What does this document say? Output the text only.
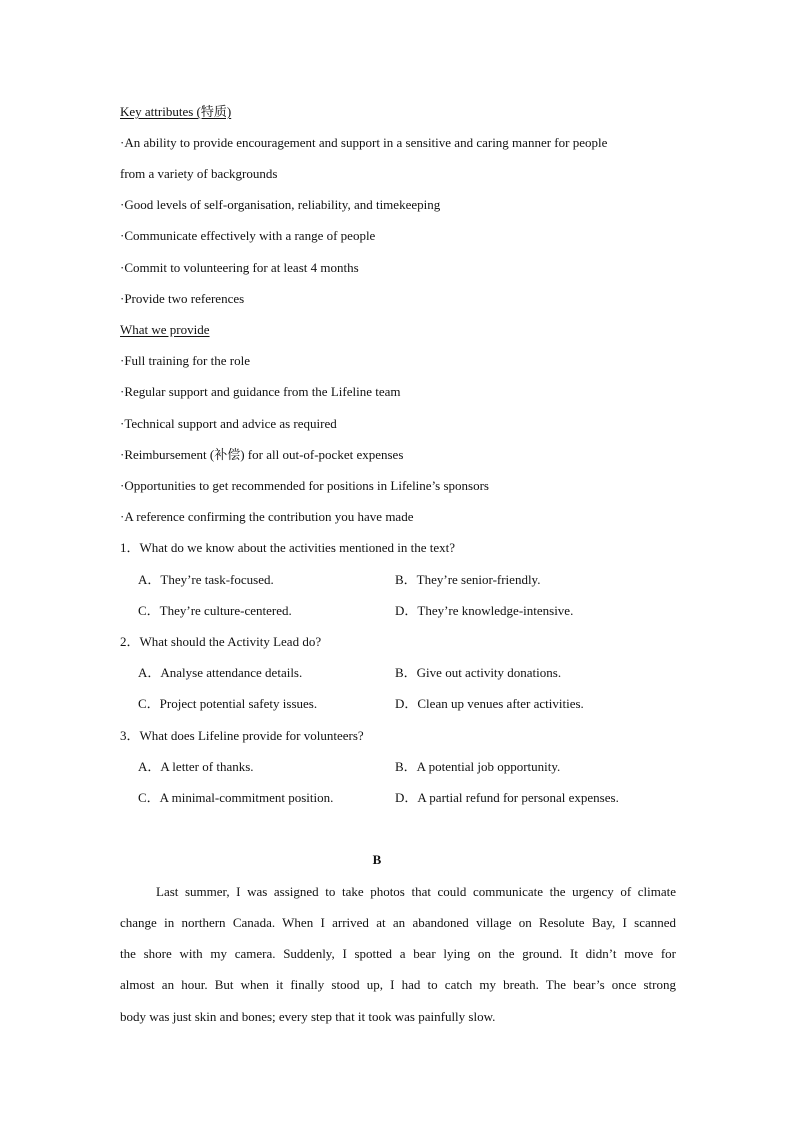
Key attributes (特质)
·An ability to provide encouragement and support in a sensitive and caring manner for people
from a variety of backgrounds
·Good levels of self-organisation, reliability, and timekeeping
·Communicate effectively with a range of people
·Commit to volunteering for at least 4 months
·Provide two references
What we provide
·Full training for the role
·Regular support and guidance from the Lifeline team
·Technical support and advice as required
·Reimbursement (补偿) for all out-of-pocket expenses
·Opportunities to get recommended for positions in Lifeline’s sponsors
·A reference confirming the contribution you have made
1．What do we know about the activities mentioned in the text?
A．They’re task-focused.	B．They’re senior-friendly.
C．They’re culture-centered.	D．They’re knowledge-intensive.
2．What should the Activity Lead do?
A．Analyse attendance details.	B．Give out activity donations.
C．Project potential safety issues.	D．Clean up venues after activities.
3．What does Lifeline provide for volunteers?
A．A letter of thanks.	B．A potential job opportunity.
C．A minimal-commitment position.	D．A partial refund for personal expenses.
B
Last summer, I was assigned to take photos that could communicate the urgency of climate
change in northern Canada. When I arrived at an abandoned village on Resolute Bay, I scanned
the shore with my camera. Suddenly, I spotted a bear lying on the ground. It didn’t move for
almost an hour. But when it finally stood up, I had to catch my breath. The bear’s once strong
body was just skin and bones; every step that it took was painfully slow.
